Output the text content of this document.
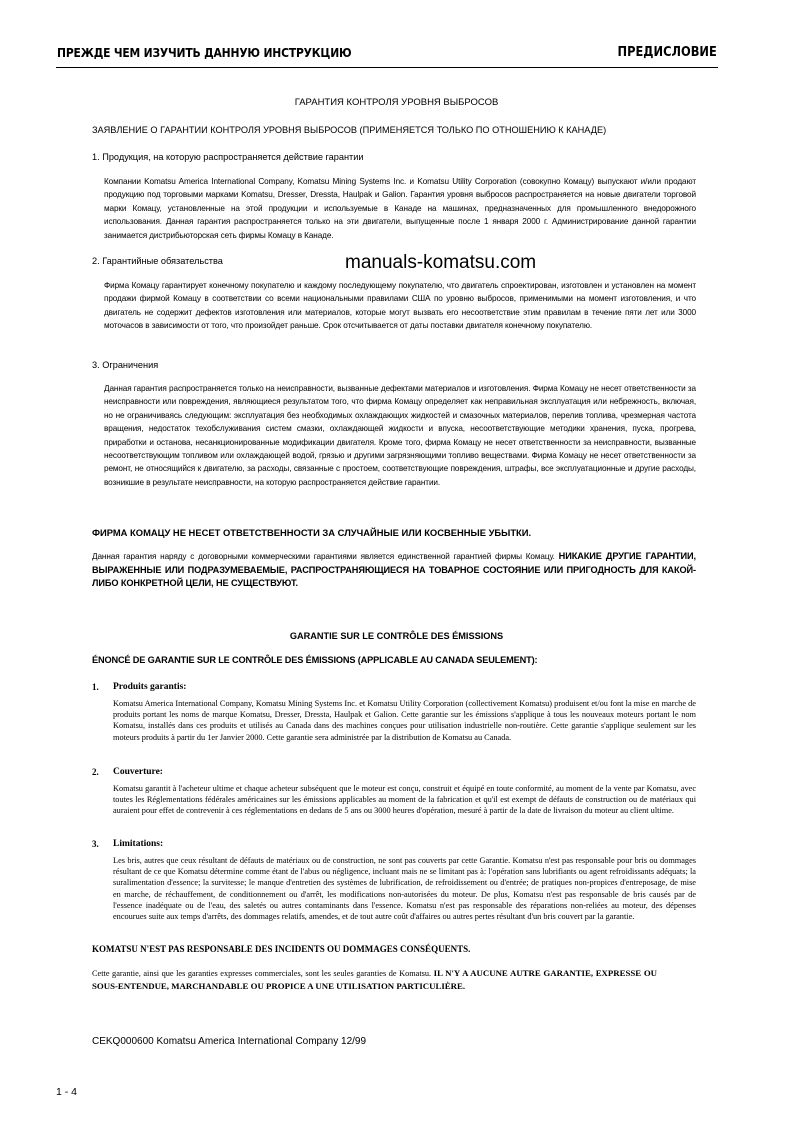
ПРЕЖДЕ ЧЕМ ИЗУЧИТЬ ДАННУЮ ИНСТРУКЦИЮ	ПРЕДИСЛОВИЕ
ГАРАНТИЯ КОНТРОЛЯ УРОВНЯ ВЫБРОСОВ
ЗАЯВЛЕНИЕ О ГАРАНТИИ КОНТРОЛЯ УРОВНЯ ВЫБРОСОВ (ПРИМЕНЯЕТСЯ ТОЛЬКО ПО ОТНОШЕНИЮ К КАНАДЕ)
1. Продукция, на которую распространяется действие гарантии
Компании Komatsu America International Company, Komatsu Mining Systems Inc. и Komatsu Utility Corporation (совокупно Комацу) выпускают и/или продают продукцию под торговыми марками Komatsu, Dresser, Dressta, Haulpak и Galion. Гарантия уровня выбросов распространяется на новые двигатели торговой марки Комацу, установленные на этой продукции и используемые в Канаде на машинах, предназначенных для промышленного внедорожного использования. Данная гарантия распространяется только на эти двигатели, выпущенные после 1 января 2000 г. Администрирование данной гарантии занимается дистрибьюторская сеть фирмы Комацу в Канаде.
2. Гарантийные обязательства	manuals-komatsu.com
Фирма Комацу гарантирует конечному покупателю и каждому последующему покупателю, что двигатель спроектирован, изготовлен и установлен на момент продажи фирмой Комацу в соответствии со всеми национальными правилами США по уровню выбросов, применимыми на момент изготовления, и что двигатель не содержит дефектов изготовления или материалов, которые могут вызвать его несоответствие этим правилам в течение пяти лет или 3000 моточасов в зависимости от того, что произойдет раньше. Срок отсчитывается от даты поставки двигателя конечному покупателю.
3. Ограничения
Данная гарантия распространяется только на неисправности, вызванные дефектами материалов и изготовления. Фирма Комацу не несет ответственности за неисправности или повреждения, являющиеся результатом того, что фирма Комацу определяет как неправильная эксплуатация или небрежность, включая, но не ограничиваясь следующим: эксплуатация без необходимых охлаждающих жидкостей и смазочных материалов, перелив топлива, чрезмерная частота вращения, недостаток техобслуживания систем смазки, охлаждающей жидкости и впуска, несоответствующие методики хранения, пуска, прогрева, приработки и останова, несанкционированные модификации двигателя. Кроме того, фирма Комацу не несет ответственности за неисправности, вызванные несоответствующим топливом или охлаждающей водой, грязью и другими загрязняющими топливо веществами. Фирма Комацу не несет ответственности за ремонт, не относящийся к двигателю, за расходы, связанные с простоем, соответствующие повреждения, штрафы, все эксплуатационные и другие расходы, возникшие в результате неисправности, на которую распространяется действие гарантии.
ФИРМА КОМАЦУ НЕ НЕСЕТ ОТВЕТСТВЕННОСТИ ЗА СЛУЧАЙНЫЕ ИЛИ КОСВЕННЫЕ УБЫТКИ.
Данная гарантия наряду с договорными коммерческими гарантиями является единственной гарантией фирмы Комацу. НИКАКИЕ ДРУГИЕ ГАРАНТИИ, ВЫРАЖЕННЫЕ ИЛИ ПОДРАЗУМЕВАЕМЫЕ, РАСПРОСТРАНЯЮЩИЕСЯ НА ТОВАРНОЕ СОСТОЯНИЕ ИЛИ ПРИГОДНОСТЬ ДЛЯ КАКОЙ-ЛИБО КОНКРЕТНОЙ ЦЕЛИ, НЕ СУЩЕСТВУЮТ.
GARANTIE SUR LE CONTRÔLE DES ÉMISSIONS
ÉNONCÉ DE GARANTIE SUR LE CONTRÔLE DES ÉMISSIONS (APPLICABLE AU CANADA SEULEMENT):
1. Produits garantis:
Komatsu America International Company, Komatsu Mining Systems Inc. et Komatsu Utility Corporation (collectivement Komatsu) produisent et/ou font la mise en marche de produits portant les noms de marque Komatsu, Dresser, Dressta, Haulpak et Galion. Cette garantie sur les émissions s'applique à tous les nouveaux moteurs portant le nom Komatsu, installés dans ces produits et utilisés au Canada dans des machines conçues pour utilisation industrielle non-routière. Cette garantie s'applique seulement sur les moteurs produits à partir du 1er Janvier 2000. Cette garantie sera administrée par la distribution de Komatsu au Canada.
2. Couverture:
Komatsu garantit à l'acheteur ultime et chaque acheteur subséquent que le moteur est conçu, construit et équipé en toute conformité, au moment de la vente par Komatsu, avec toutes les Réglementations fédérales américaines sur les émissions applicables au moment de la fabrication et qu'il est exempt de défauts de construction ou de matériaux qui auraient pour effet de contrevenir à ces réglementations en dedans de 5 ans ou 3000 heures d'opération, mesuré à partir de la date de livraison du moteur au client ultime.
3. Limitations:
Les bris, autres que ceux résultant de défauts de matériaux ou de construction, ne sont pas couverts par cette Garantie. Komatsu n'est pas responsable pour bris ou dommages résultant de ce que Komatsu détermine comme étant de l'abus ou négligence, incluant mais ne se limitant pas à: l'opération sans lubrifiants ou agent refroidissants adéquats; la suralimentation d'essence; la survitesse; le manque d'entretien des systèmes de lubrification, de refroidissement ou d'entrée; de pratiques non-propices d'entreposage, de mise en marche, de réchauffement, de conditionnement ou d'arrêt, les modifications non-autorisées du moteur. De plus, Komatsu n'est pas responsable de bris causés par de l'essence inadéquate ou de l'eau, des saletés ou autres contaminants dans l'essence. Komatsu n'est pas responsable des réparations non-reliées au moteur, des dépenses encourues suite aux temps d'arrêts, des dommages relatifs, amendes, et de tout autre coût d'affaires ou autres pertes résultant d'un bris couvert par la garantie.
KOMATSU N'EST PAS RESPONSABLE DES INCIDENTS OU DOMMAGES CONSÉQUENTS.
Cette garantie, ainsi que les garanties expresses commerciales, sont les seules garanties de Komatsu. IL N'Y A AUCUNE AUTRE GARANTIE, EXPRESSE OU SOUS-ENTENDUE, MARCHANDABLE OU PROPICE A UNE UTILISATION PARTICULIÈRE.
CEKQ000600 Komatsu America International Company 12/99
1 - 4
